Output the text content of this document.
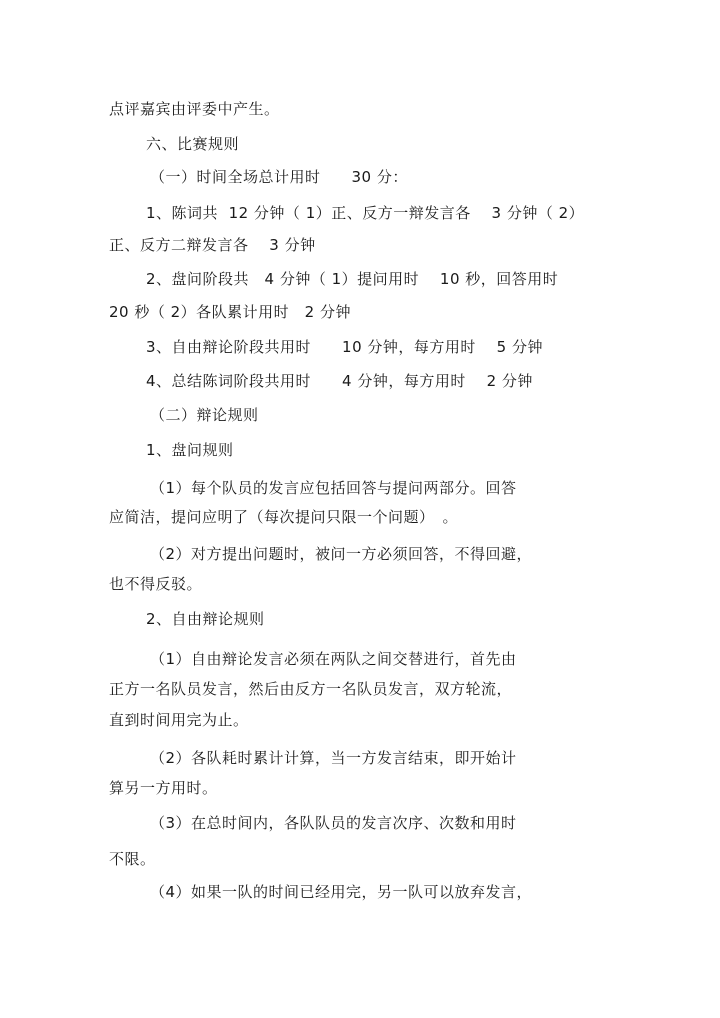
点评嘉宾由评委中产生。
六、比赛规则
（一）时间全场总计用时　　30 分：
1、陈词共  12 分钟（ 1）正、反方一辩发言各　 3 分钟（ 2）
正、反方二辩发言各　 3 分钟
2、盘问阶段共　4 分钟（ 1）提问用时　 10 秒，回答用时
20 秒（ 2）各队累计用时　2 分钟
3、自由辩论阶段共用时　　10 分钟，每方用时　 5 分钟
4、总结陈词阶段共用时　　4 分钟，每方用时　 2 分钟
（二）辩论规则
1、盘问规则
（1）每个队员的发言应包括回答与提问两部分。回答
应简洁，提问应明了（每次提问只限一个问题）　。
（2）对方提出问题时，被问一方必须回答，不得回避，
也不得反驳。
2、自由辩论规则
（1）自由辩论发言必须在两队之间交替进行，首先由
正方一名队员发言，然后由反方一名队员发言，双方轮流，
直到时间用完为止。
（2）各队耗时累计计算，当一方发言结束，即开始计
算另一方用时。
（3）在总时间内，各队队员的发言次序、次数和用时
不限。
（4）如果一队的时间已经用完，另一队可以放弃发言，
